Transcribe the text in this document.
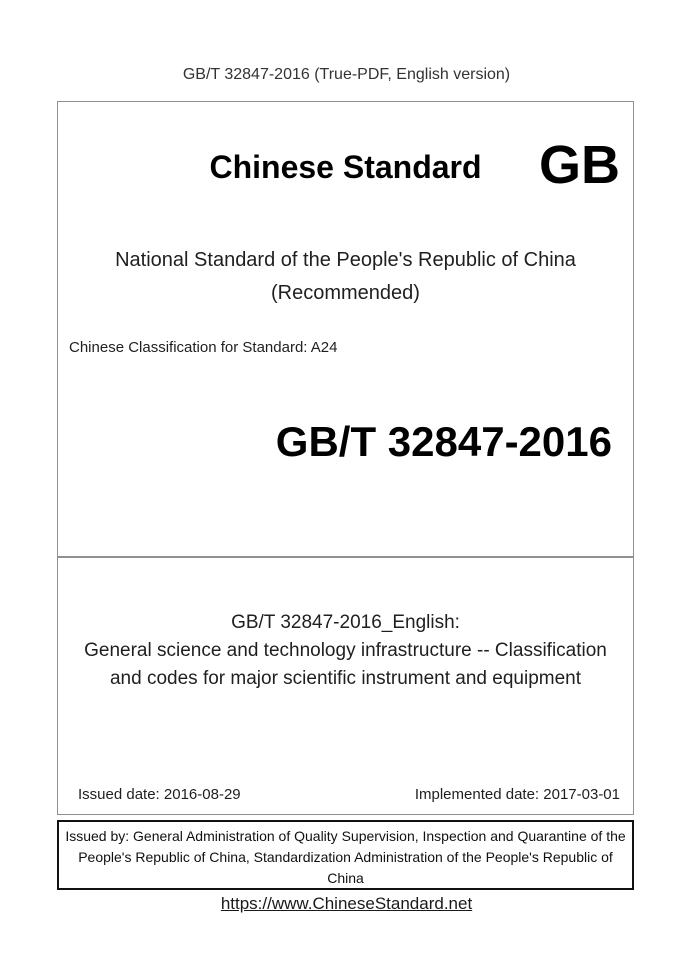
GB/T 32847-2016 (True-PDF, English version)
Chinese Standard GB
National Standard of the People's Republic of China
(Recommended)
Chinese Classification for Standard: A24
GB/T 32847-2016
GB/T 32847-2016_English:
General science and technology infrastructure -- Classification and codes for major scientific instrument and equipment
Issued date: 2016-08-29	Implemented date: 2017-03-01
Issued by: General Administration of Quality Supervision, Inspection and Quarantine of the People's Republic of China, Standardization Administration of the People's Republic of China
https://www.ChineseStandard.net
